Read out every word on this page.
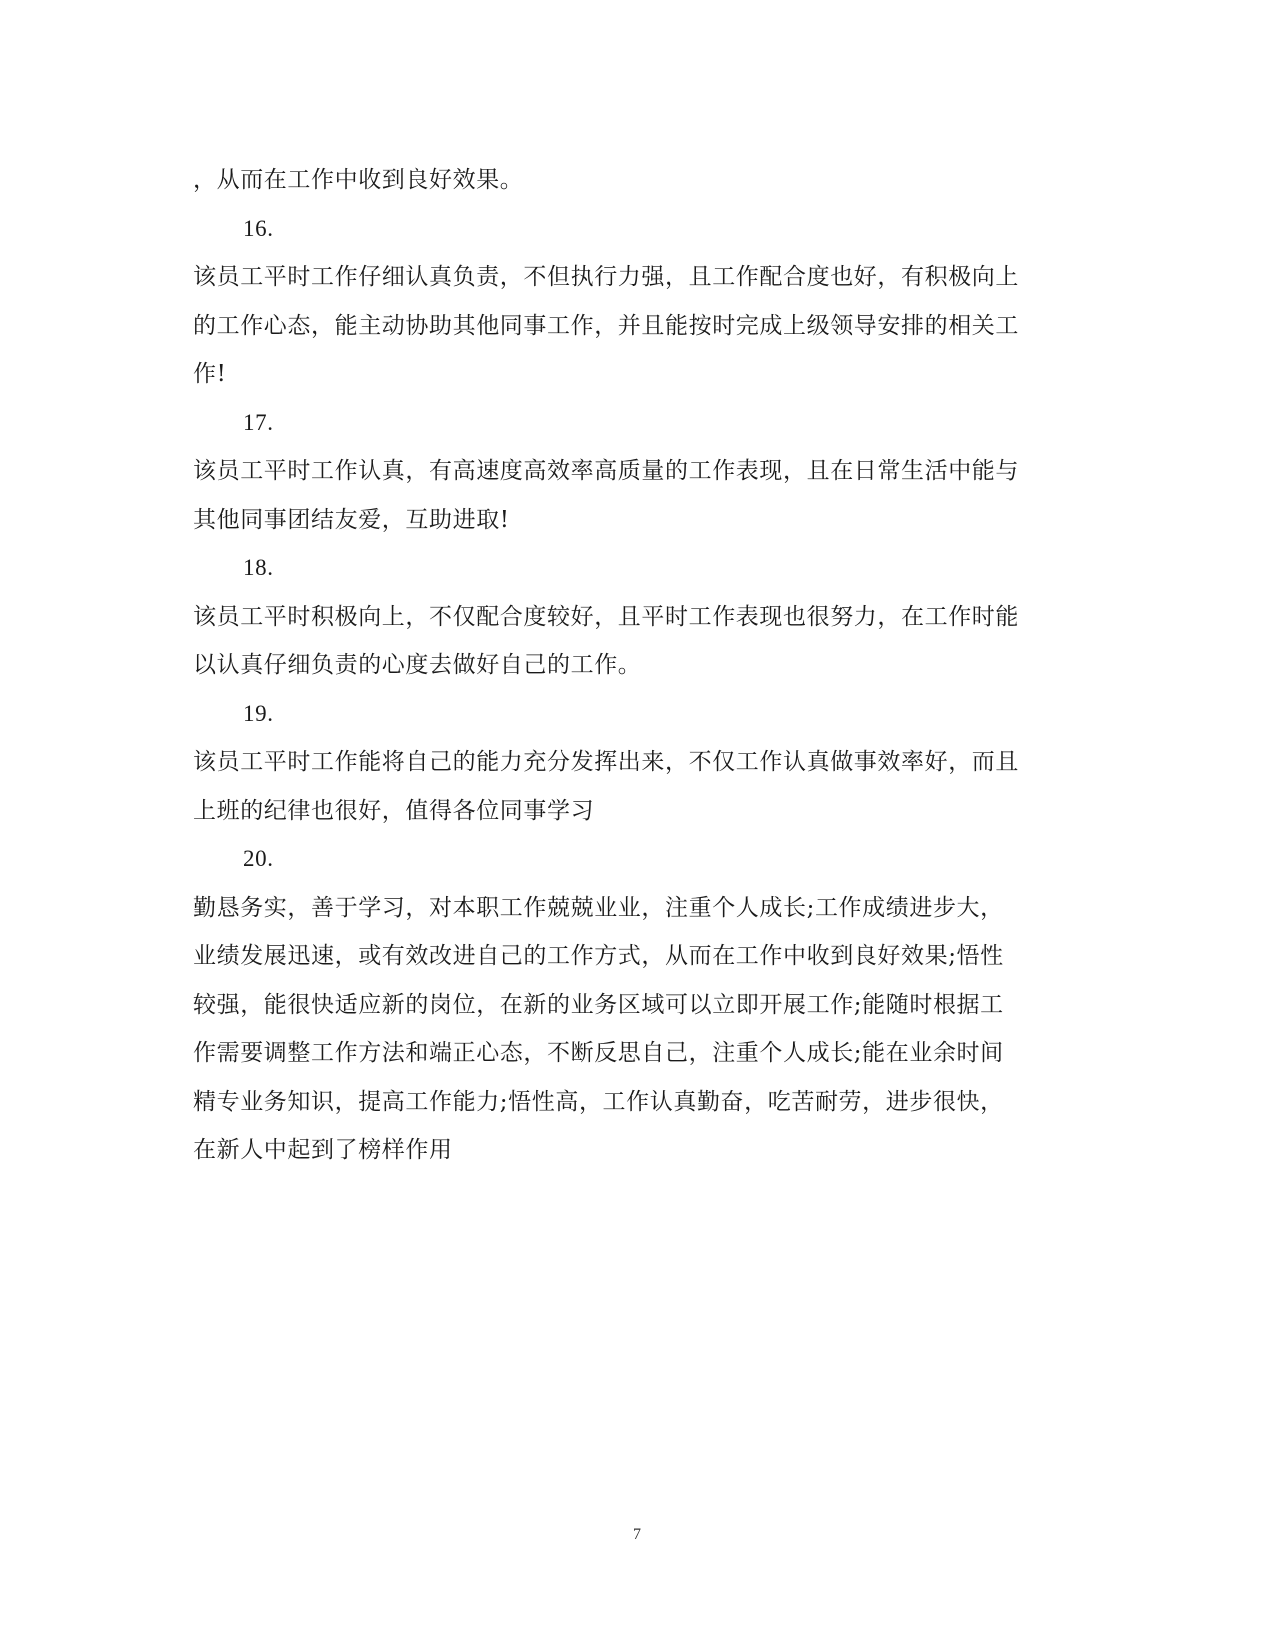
，从而在工作中收到良好效果。
16.
该员工平时工作仔细认真负责，不但执行力强，且工作配合度也好，有积极向上
的工作心态，能主动协助其他同事工作，并且能按时完成上级领导安排的相关工
作!
17.
该员工平时工作认真，有高速度高效率高质量的工作表现，且在日常生活中能与
其他同事团结友爱，互助进取!
18.
该员工平时积极向上，不仅配合度较好，且平时工作表现也很努力，在工作时能
以认真仔细负责的心度去做好自己的工作。
19.
该员工平时工作能将自己的能力充分发挥出来，不仅工作认真做事效率好，而且
上班的纪律也很好，值得各位同事学习
20.
勤恳务实，善于学习，对本职工作兢兢业业，注重个人成长;工作成绩进步大，
业绩发展迅速，或有效改进自己的工作方式，从而在工作中收到良好效果;悟性
较强，能很快适应新的岗位，在新的业务区域可以立即开展工作;能随时根据工
作需要调整工作方法和端正心态，不断反思自己，注重个人成长;能在业余时间
精专业务知识，提高工作能力;悟性高，工作认真勤奋，吃苦耐劳，进步很快，
在新人中起到了榜样作用
7
